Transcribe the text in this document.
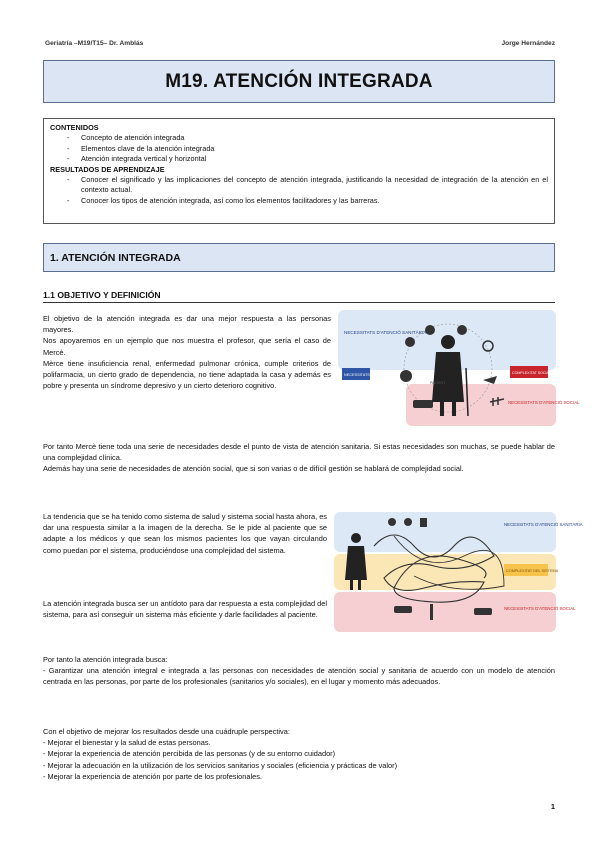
Geriatría –M19/T15– Dr. Amblás	Jorge Hernández
M19. ATENCIÓN INTEGRADA
CONTENIDOS
- Concepto de atención integrada
- Elementos clave de la atención integrada
- Atención integrada vertical y horizontal
RESULTADOS DE APRENDIZAJE
- Conocer el significado y las implicaciones del concepto de atención integrada, justificando la necesidad de integración de la atención en el contexto actual.
- Conocer los tipos de atención integrada, así como los elementos facilitadores y las barreras.
1. ATENCIÓN INTEGRADA
1.1 OBJETIVO Y DEFINICIÓN
El objetivo de la atención integrada es dar una mejor respuesta a las personas mayores.
Nos apoyaremos en un ejemplo que nos muestra el profesor, que sería el caso de Mercè.
Mèrce tiene insuficiencia renal, enfermedad pulmonar crónica, cumple criterios de polifarmacia, un cierto grado de dependencia, no tiene adaptada la casa y además es pobre y presenta un síndrome depresivo y un cierto deterioro cognitivo.
NECESSITATS D'ATENCIÓ SANITÀRIA
NECESSITATS DE CURA	COMPLEXITAT SOCIAL
NECESSITATS D'ATENCIÓ SOCIAL
PACIENT
Por tanto Mercè tiene toda una serie de necesidades desde el punto de vista de atención sanitaria. Si estas necesidades son muchas, se puede hablar de una complejidad clínica.
Además hay una serie de necesidades de atención social, que si son varias o de difícil gestión se hablará de complejidad social.
La tendencia que se ha tenido como sistema de salud y sistema social hasta ahora, es dar una respuesta similar a la imagen de la derecha. Se le pide al paciente que se adapte a los médicos y que sean los mismos pacientes los que vayan circulando como puedan por el sistema, produciéndose una complejidad del sistema.
NECESSITATS D'ATENCIÓ SANITÀRIA
COMPLEXITAT DEL SISTEMA
NECESSITATS D'ATENCIÓ SOCIAL
La atención integrada busca ser un antídoto para dar respuesta a esta complejidad del sistema, para así conseguir un sistema más eficiente y darle facilidades al paciente.
Por tanto la atención integrada busca:
- Garantizar una atención integral e integrada a las personas con necesidades de atención social y sanitaria de acuerdo con un modelo de atención centrada en las personas, por parte de los profesionales (sanitarios y/o sociales), en el lugar y momento más adecuados.
Con el objetivo de mejorar los resultados desde una cuádruple perspectiva:
- Mejorar el bienestar y la salud de estas personas.
- Mejorar la experiencia de atención percibida de las personas (y de su entorno cuidador)
- Mejorar la adecuación en la utilización de los servicios sanitarios y sociales (eficiencia y prácticas de valor)
- Mejorar la experiencia de atención por parte de los profesionales.
1
